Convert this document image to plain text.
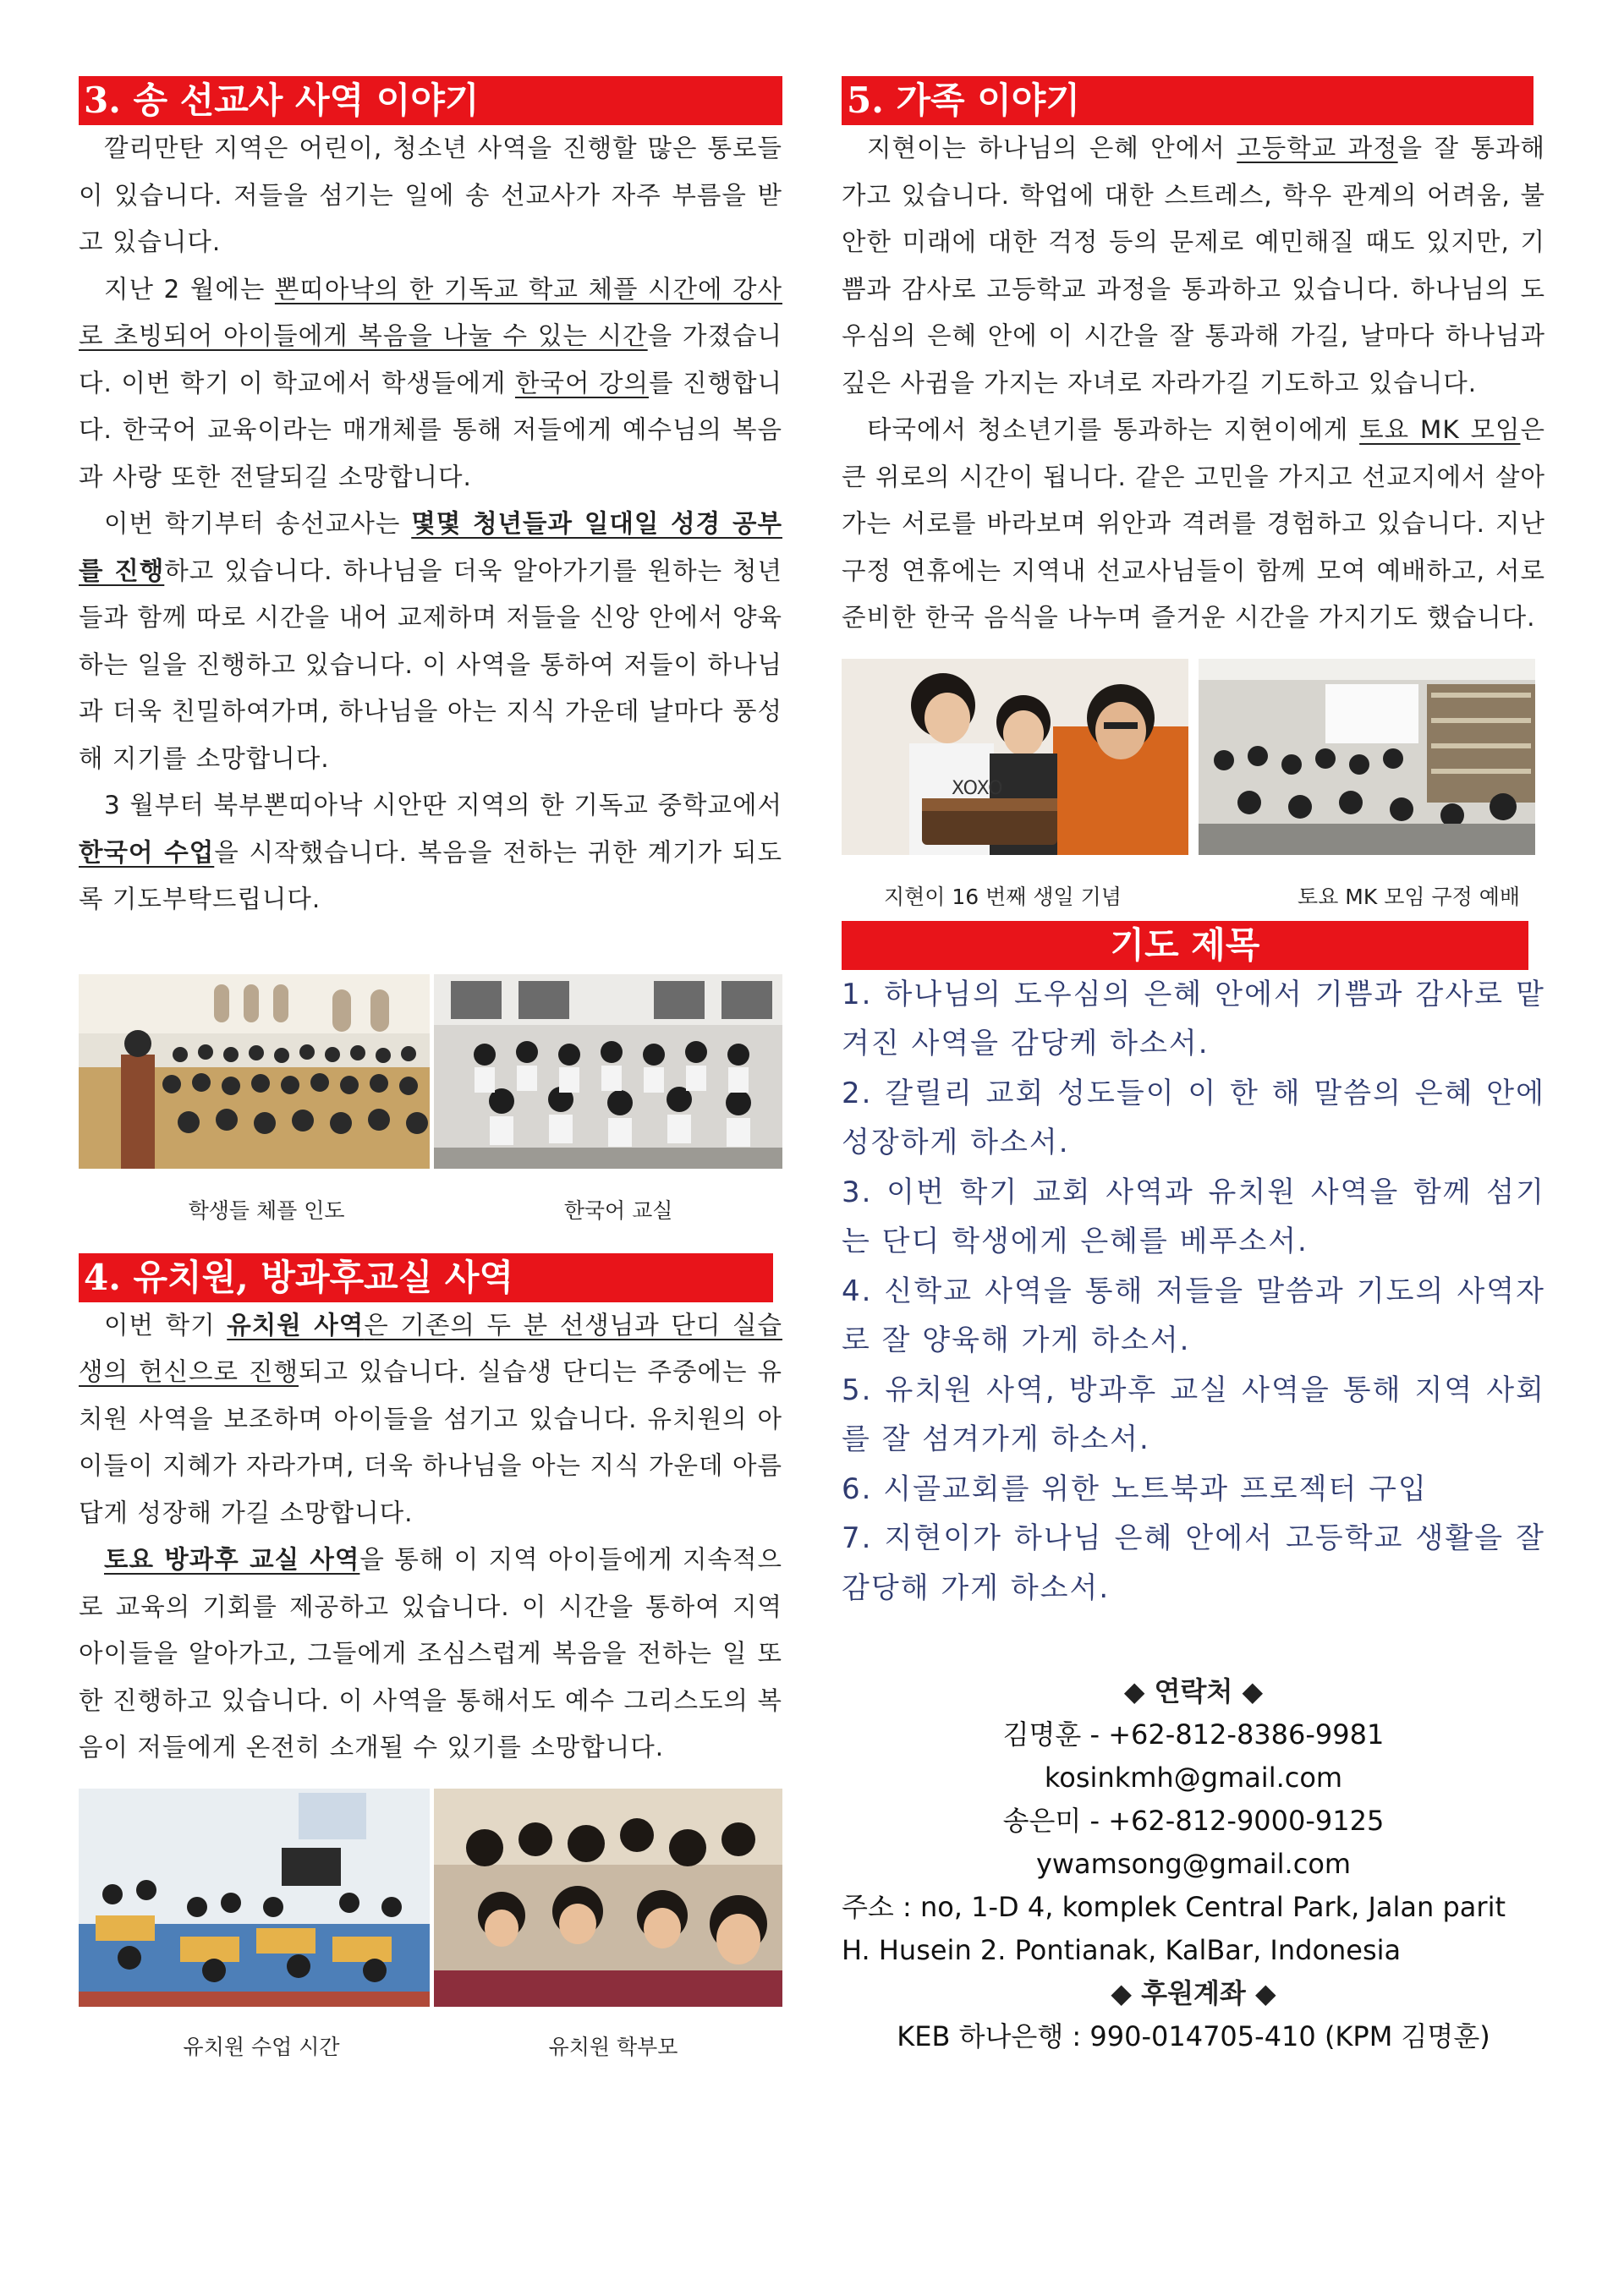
3. 송 선교사 사역 이야기

깔리만탄 지역은 어린이, 청소년 사역을 진행할 많은 통로들이 있습니다. 저들을 섬기는 일에 송 선교사가 자주 부름을 받고 있습니다.

지난 2 월에는 뽄띠아낙의 한 기독교 학교 체플 시간에 강사로 초빙되어 아이들에게 복음을 나눌 수 있는 시간을 가졌습니다. 이번 학기 이 학교에서 학생들에게 한국어 강의를 진행합니다. 한국어 교육이라는 매개체를 통해 저들에게 예수님의 복음과 사랑 또한 전달되길 소망합니다.

이번 학기부터 송선교사는 몇몇 청년들과 일대일 성경 공부를 진행하고 있습니다. 하나님을 더욱 알아가기를 원하는 청년들과 함께 따로 시간을 내어 교제하며 저들을 신앙 안에서 양육하는 일을 진행하고 있습니다. 이 사역을 통하여 저들이 하나님과 더욱 친밀하여가며, 하나님을 아는 지식 가운데 날마다 풍성해 지기를 소망합니다.

3 월부터 북부뽄띠아낙 시안딴 지역의 한 기독교 중학교에서 한국어 수업을 시작했습니다. 복음을 전하는 귀한 계기가 되도록 기도부탁드립니다.

학생들 체플 인도	한국어 교실
4. 유치원, 방과후교실 사역

이번 학기 유치원 사역은 기존의 두 분 선생님과 단디 실습생의 헌신으로 진행되고 있습니다. 실습생 단디는 주중에는 유치원 사역을 보조하며 아이들을 섬기고 있습니다. 유치원의 아이들이 지혜가 자라가며, 더욱 하나님을 아는 지식 가운데 아름답게 성장해 가길 소망합니다.

토요 방과후 교실 사역을 통해 이 지역 아이들에게 지속적으로 교육의 기회를 제공하고 있습니다. 이 시간을 통하여 지역 아이들을 알아가고, 그들에게 조심스럽게 복음을 전하는 일 또한 진행하고 있습니다. 이 사역을 통해서도 예수 그리스도의 복음이 저들에게 온전히 소개될 수 있기를 소망합니다.

유치원 수업 시간	유치원 학부모
5. 가족 이야기

지현이는 하나님의 은혜 안에서 고등학교 과정을 잘 통과해 가고 있습니다. 학업에 대한 스트레스, 학우 관계의 어려움, 불안한 미래에 대한 걱정 등의 문제로 예민해질 때도 있지만, 기쁨과 감사로 고등학교 과정을 통과하고 있습니다. 하나님의 도우심의 은혜 안에 이 시간을 잘 통과해 가길, 날마다 하나님과 깊은 사귐을 가지는 자녀로 자라가길 기도하고 있습니다.

타국에서 청소년기를 통과하는 지현이에게 토요 MK 모임은 큰 위로의 시간이 됩니다. 같은 고민을 가지고 선교지에서 살아가는 서로를 바라보며 위안과 격려를 경험하고 있습니다. 지난 구정 연휴에는 지역내 선교사님들이 함께 모여 예배하고, 서로 준비한 한국 음식을 나누며 즐거운 시간을 가지기도 했습니다.

XOXO
지현이 16 번째 생일 기념	토요 MK 모임 구정 예배
기도 제목

1. 하나님의 도우심의 은혜 안에서 기쁨과 감사로 맡겨진 사역을 감당케 하소서.

2. 갈릴리 교회 성도들이 이 한 해 말씀의 은혜 안에 성장하게 하소서.

3. 이번 학기 교회 사역과 유치원 사역을 함께 섬기는 단디 학생에게 은혜를 베푸소서.

4. 신학교 사역을 통해 저들을 말씀과 기도의 사역자로 잘 양육해 가게 하소서.

5. 유치원 사역, 방과후 교실 사역을 통해 지역 사회를 잘 섬겨가게 하소서.

6. 시골교회를 위한 노트북과 프로젝터 구입

7. 지현이가 하나님 은혜 안에서 고등학교 생활을 잘 감당해 가게 하소서.

◆ 연락처 ◆

김명훈 - +62-812-8386-9981

kosinkmh@gmail.com

송은미 - +62-812-9000-9125

ywamsong@gmail.com

주소 : no, 1-D 4, komplek Central Park, Jalan parit

H. Husein 2. Pontianak, KalBar, Indonesia

◆ 후원계좌 ◆

KEB 하나은행 : 990-014705-410 (KPM 김명훈)
